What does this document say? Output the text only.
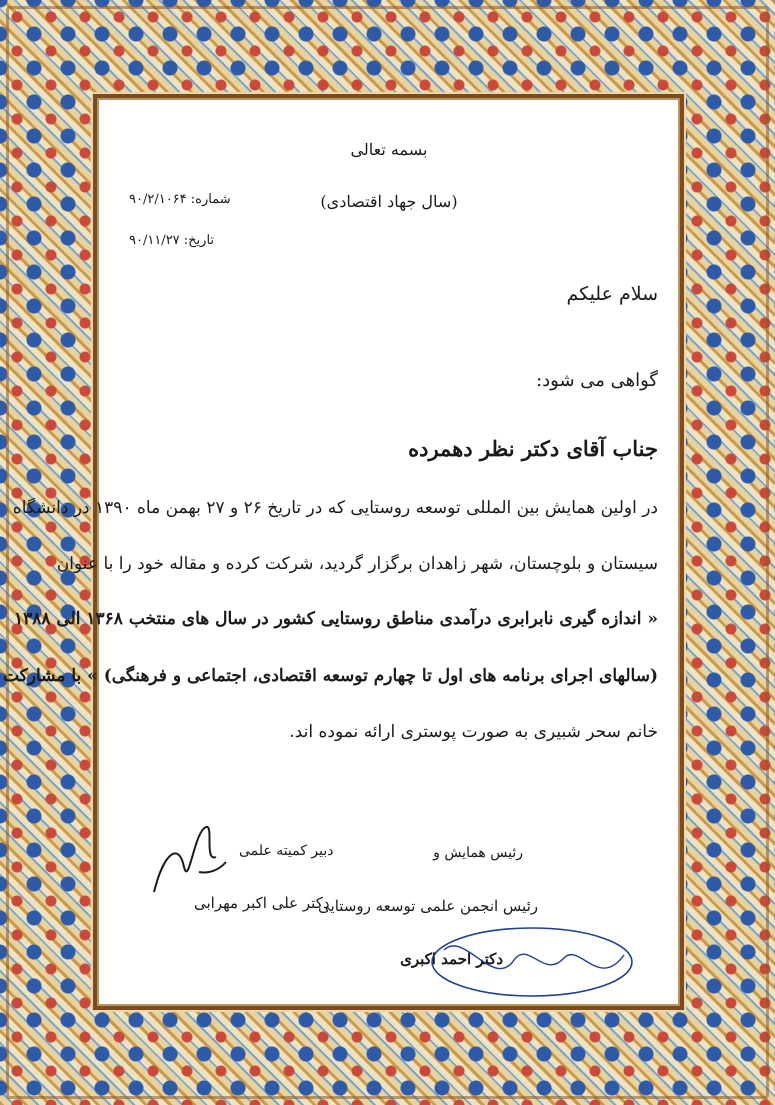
بسمه تعالی
(سال جهاد اقتصادی)
شماره: ۹۰/۲/۱۰۶۴
تاریخ: ۹۰/۱۱/۲۷
سلام علیکم
گواهی می شود:
جناب آقای دکتر نظر دهمرده
در اولین همایش بین المللی توسعه روستایی که در تاریخ ۲۶ و ۲۷ بهمن ماه ۱۳۹۰ در دانشگاه
سیستان و بلوچستان، شهر زاهدان برگزار گردید، شرکت کرده و مقاله خود را با عنوان
« اندازه گیری نابرابری درآمدی مناطق روستایی کشور در سال های منتخب ۱۳۶۸ الی ۱۳۸۸
(سالهای اجرای برنامه های اول تا چهارم توسعه اقتصادی، اجتماعی و فرهنگی) » با مشارکت
خانم سحر شبیری به صورت پوستری ارائه نموده اند.
دبیر کمیته علمی
دکتر علی اکبر مهرابی
رئیس همایش و
رئیس انجمن علمی توسعه روستایی
دکتر احمد اکبری
